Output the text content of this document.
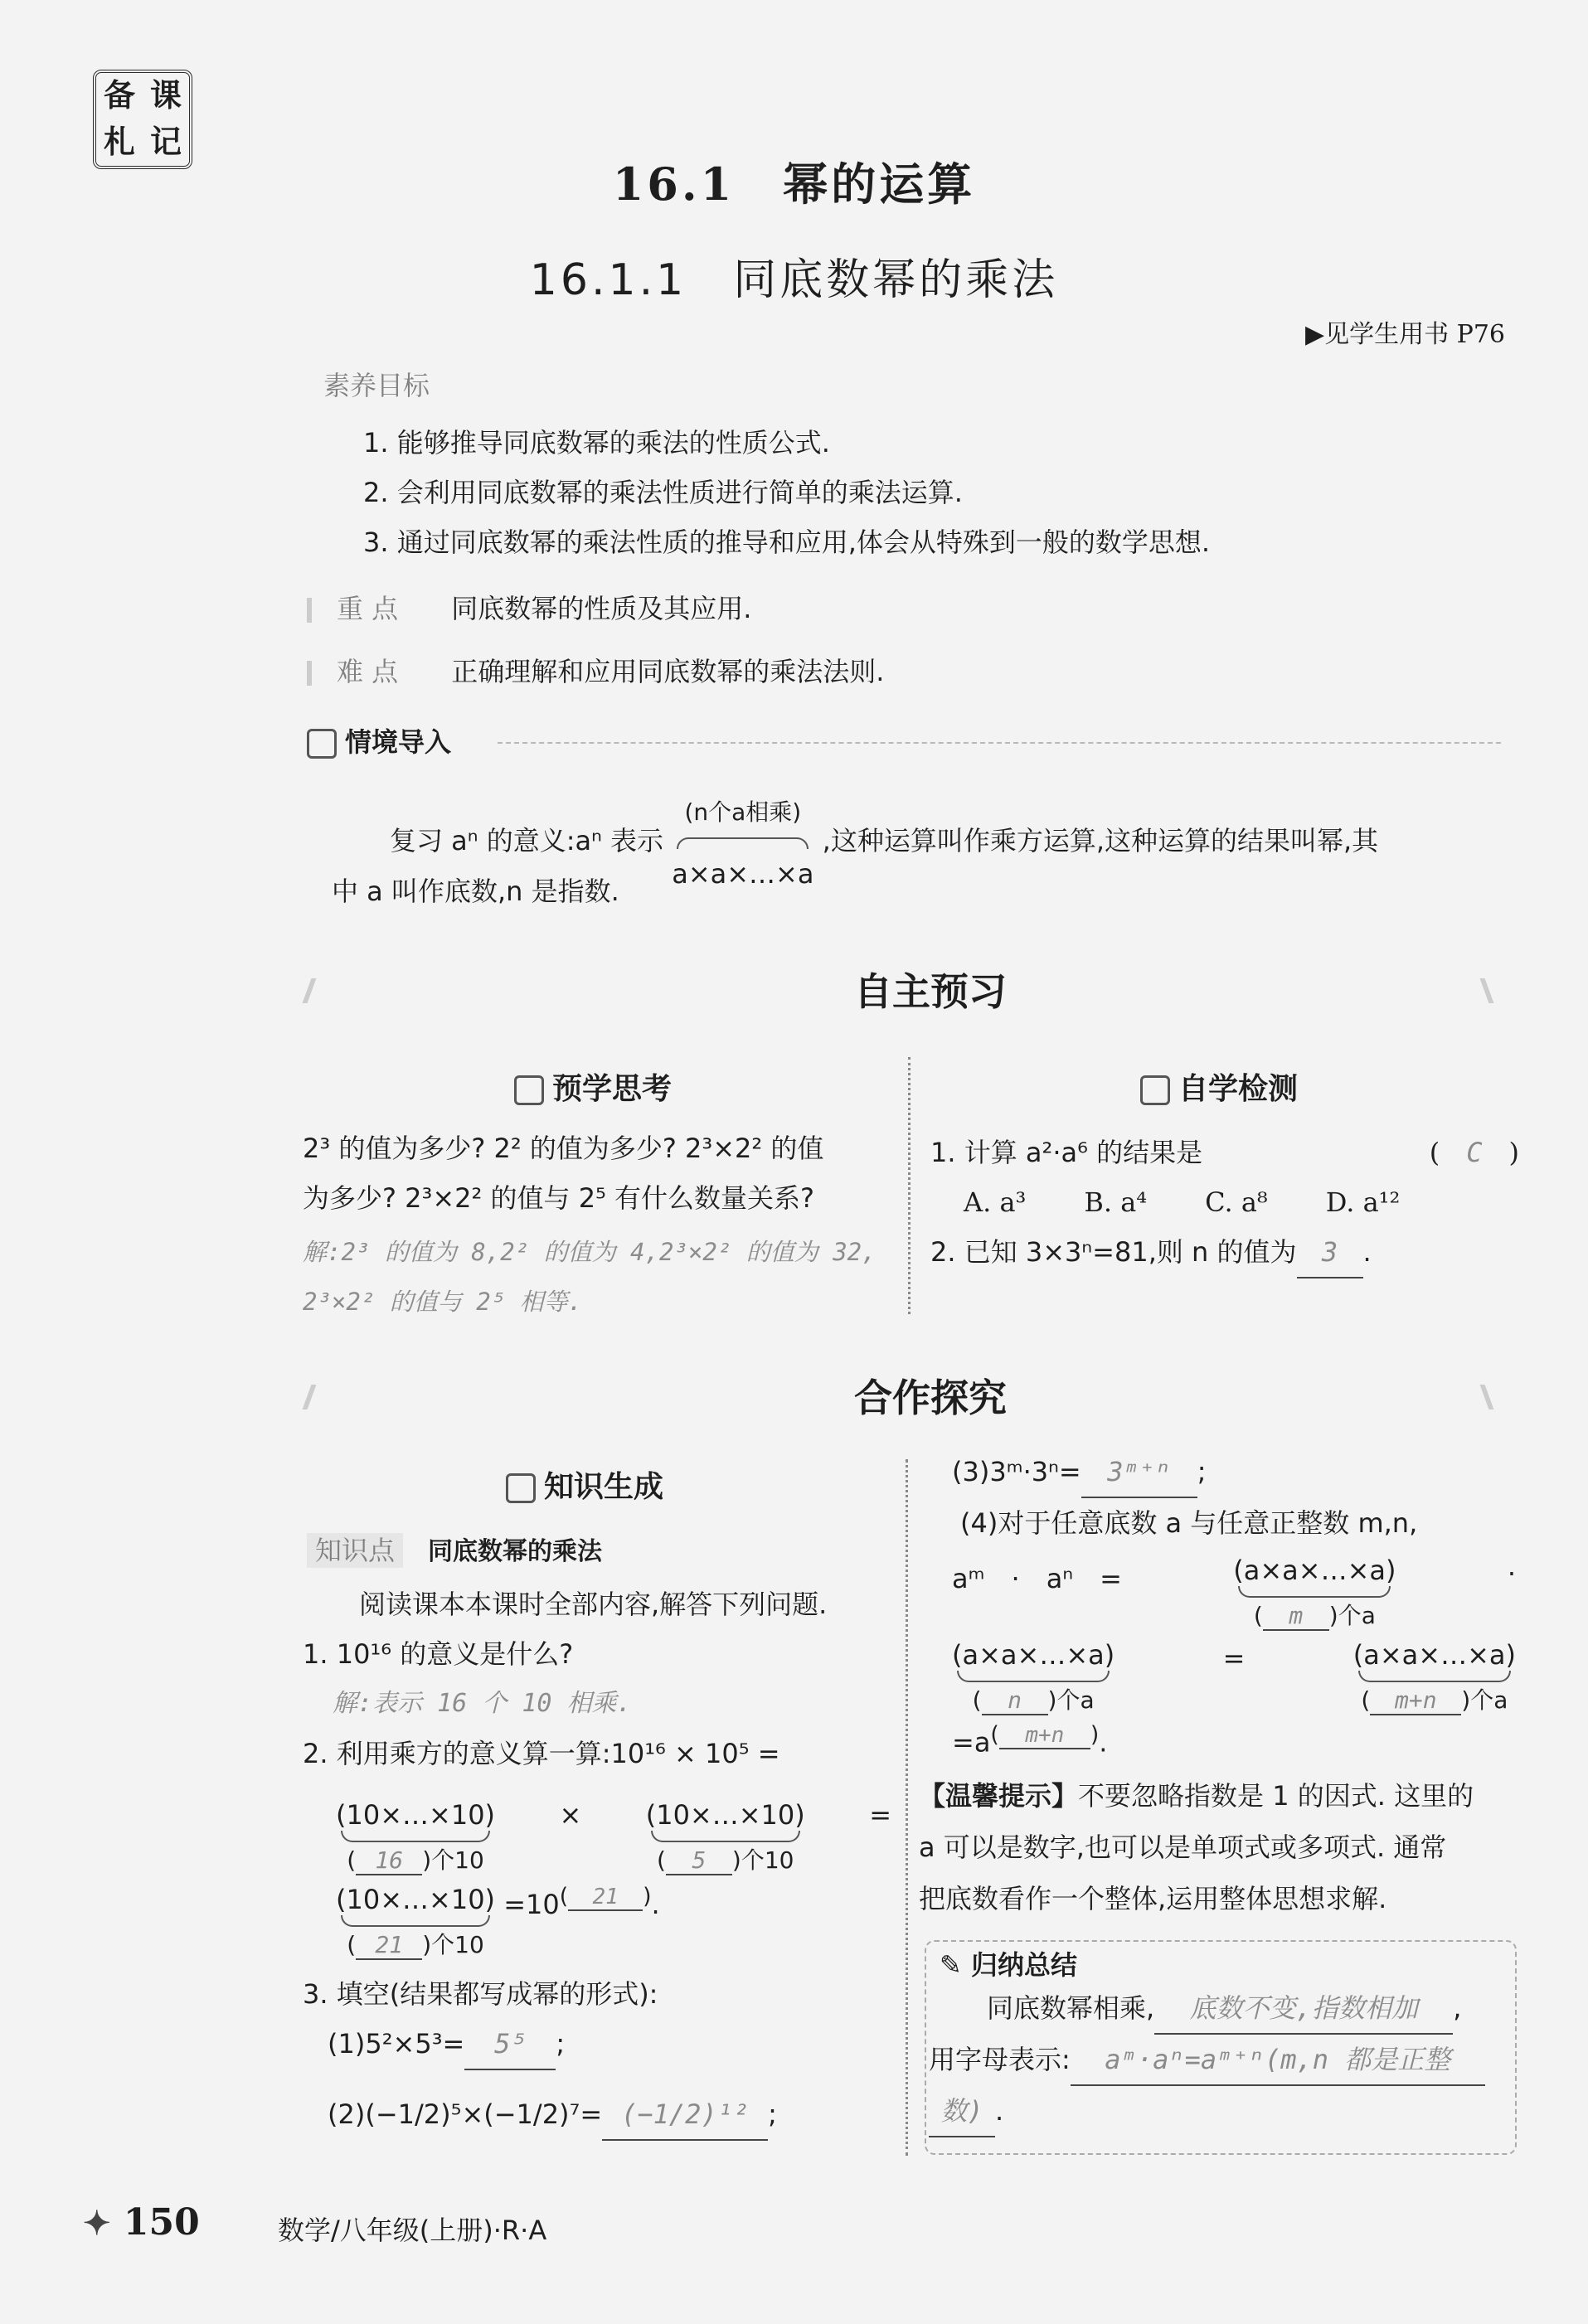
备 课
札 记
16.1　幂的运算
16.1.1　同底数幂的乘法
▶见学生用书 P76
素养目标
1. 能够推导同底数幂的乘法的性质公式.
2. 会利用同底数幂的乘法性质进行简单的乘法运算.
3. 通过同底数幂的乘法性质的推导和应用,体会从特殊到一般的数学思想.
重 点　　 同底数幂的性质及其应用.
难 点　　 正确理解和应用同底数幂的乘法法则.
情境导入
复习 aⁿ 的意义:aⁿ 表示
(n个a相乘)
a×a×…×a
,这种运算叫作乘方运算,这种运算的结果叫幂,其
中 a 叫作底数,n 是指数.
自主预习
预学思考	自学检测
2³ 的值为多少? 2² 的值为多少? 2³×2² 的值
为多少? 2³×2² 的值与 2⁵ 有什么数量关系?
解:2³ 的值为 8,2² 的值为 4,2³×2² 的值为 32,
2³×2² 的值与 2⁵ 相等.
1. 计算 a²·a⁶ 的结果是	(　 C　 )
A. a³ B. a⁴ C. a⁸ D. a¹²
2. 已知 3×3ⁿ=81,则 n 的值为 3 .
合作探究
知识生成
知识点　 同底数幂的乘法
阅读课本本课时全部内容,解答下列问题.
1. 10¹⁶ 的意义是什么?
解:表示 16 个 10 相乘.
2. 利用乘方的意义算一算:10¹⁶ × 10⁵ =
(10×…×10)
( 16 )个10
× (10×…×10)
( 5 )个10
=
(10×…×10)
( 21 )个10
$=10^{( 21 )}$.
3. 填空(结果都写成幂的形式):
(1)5²×5³= 5⁵ ;
(2)(−1/2)⁵×(−1/2)⁷= (−1/2)¹² ;
(3)3ᵐ·3ⁿ= 3ᵐ⁺ⁿ ;
(4)对于任意底数 a 与任意正整数 m,n,
aᵐ　·　aⁿ　=	(a×a×…×a)
( m )个a
·
(a×a×…×a)
( n )个a
=	(a×a×…×a)
( m+n )个a
$=a^{( m+n )}$.
【温馨提示】不要忽略指数是 1 的因式. 这里的
a 可以是数字,也可以是单项式或多项式. 通常
把底数看作一个整体,运用整体思想求解.
✎ 归纳总结
同底数幂相乘, 底数不变,指数相加 ,
用字母表示: aᵐ·aⁿ=aᵐ⁺ⁿ(m,n 都是正整
数) .
✦ 150	数学/八年级(上册)·R·A
